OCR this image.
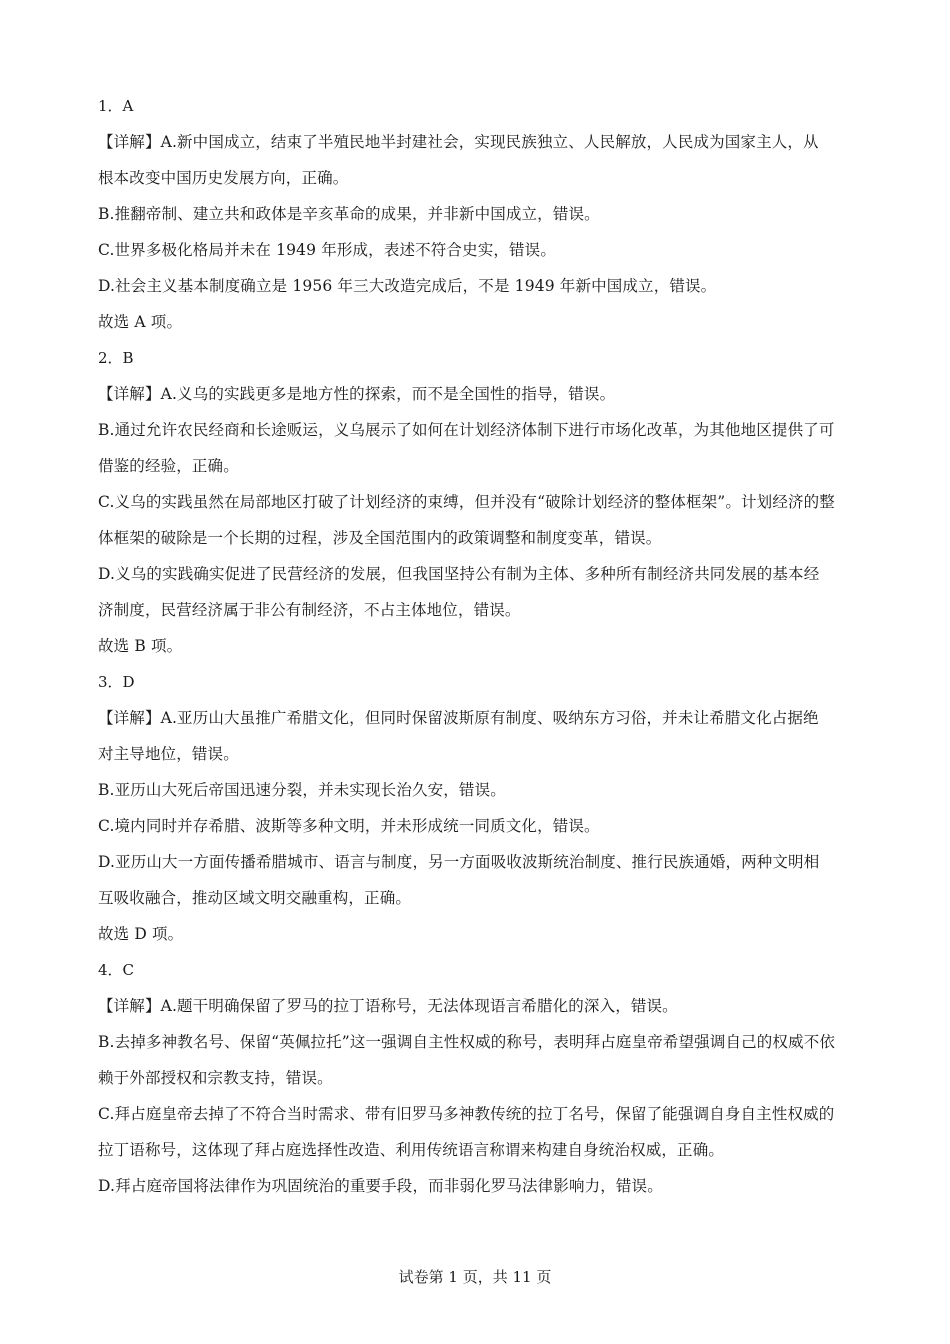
1．A

【详解】A.新中国成立，结束了半殖民地半封建社会，实现民族独立、人民解放，人民成为国家主人，从

根本改变中国历史发展方向，正确。

B.推翻帝制、建立共和政体是辛亥革命的成果，并非新中国成立，错误。

C.世界多极化格局并未在 1949 年形成，表述不符合史实，错误。

D.社会主义基本制度确立是 1956 年三大改造完成后，不是 1949 年新中国成立，错误。

故选 A 项。

2．B

【详解】A.义乌的实践更多是地方性的探索，而不是全国性的指导，错误。

B.通过允许农民经商和长途贩运，义乌展示了如何在计划经济体制下进行市场化改革，为其他地区提供了可

借鉴的经验，正确。

C.义乌的实践虽然在局部地区打破了计划经济的束缚，但并没有“破除计划经济的整体框架”。计划经济的整

体框架的破除是一个长期的过程，涉及全国范围内的政策调整和制度变革，错误。

D.义乌的实践确实促进了民营经济的发展，但我国坚持公有制为主体、多种所有制经济共同发展的基本经

济制度，民营经济属于非公有制经济，不占主体地位，错误。

故选 B 项。

3．D

【详解】A.亚历山大虽推广希腊文化，但同时保留波斯原有制度、吸纳东方习俗，并未让希腊文化占据绝

对主导地位，错误。

B.亚历山大死后帝国迅速分裂，并未实现长治久安，错误。

C.境内同时并存希腊、波斯等多种文明，并未形成统一同质文化，错误。

D.亚历山大一方面传播希腊城市、语言与制度，另一方面吸收波斯统治制度、推行民族通婚，两种文明相

互吸收融合，推动区域文明交融重构，正确。

故选 D 项。

4．C

【详解】A.题干明确保留了罗马的拉丁语称号，无法体现语言希腊化的深入，错误。

B.去掉多神教名号、保留“英佩拉托”这一强调自主性权威的称号，表明拜占庭皇帝希望强调自己的权威不依

赖于外部授权和宗教支持，错误。

C.拜占庭皇帝去掉了不符合当时需求、带有旧罗马多神教传统的拉丁名号，保留了能强调自身自主性权威的

拉丁语称号，这体现了拜占庭选择性改造、利用传统语言称谓来构建自身统治权威，正确。

D.拜占庭帝国将法律作为巩固统治的重要手段，而非弱化罗马法律影响力，错误。

试卷第 1 页，共 11 页
